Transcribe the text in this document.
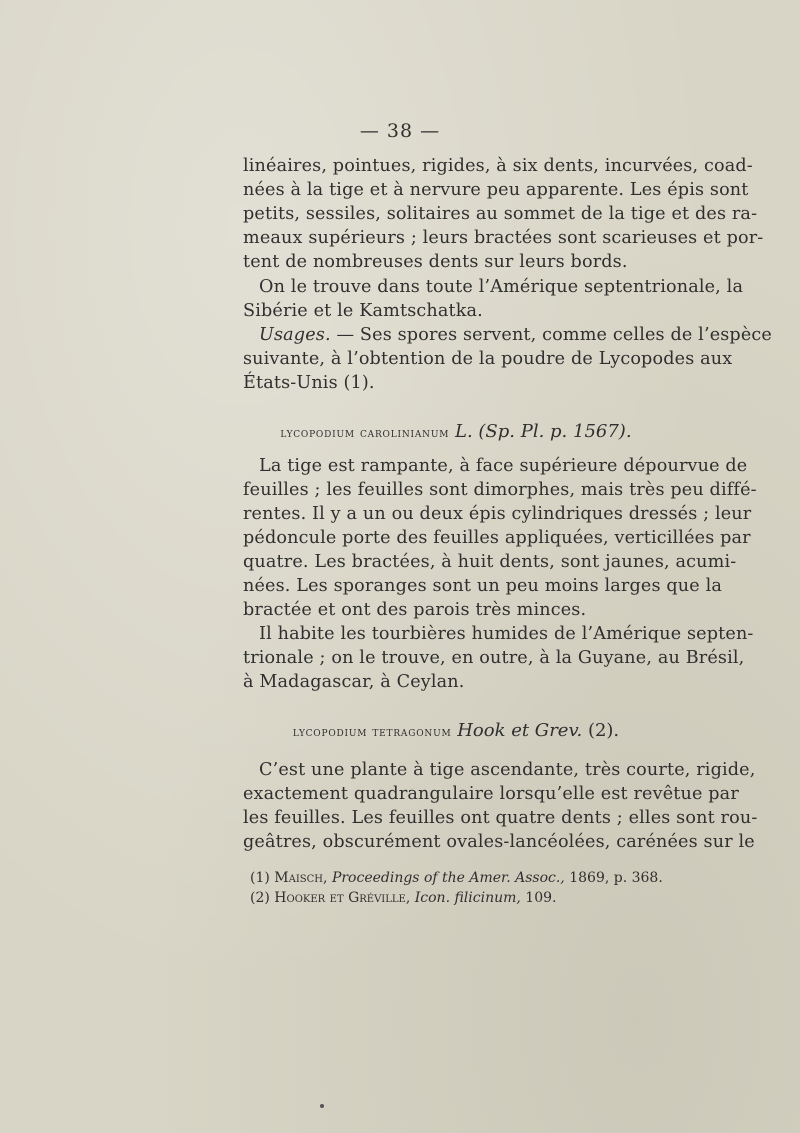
— 38 —
linéaires, pointues, rigides, à six dents, incurvées, coad-
nées à la tige et à nervure peu apparente. Les épis sont
petits, sessiles, solitaires au sommet de la tige et des ra-
meaux supérieurs ; leurs bractées sont scarieuses et por-
tent de nombreuses dents sur leurs bords.
On le trouve dans toute l’Amérique septentrionale, la
Sibérie et le Kamtschatka.
Usages. — Ses spores servent, comme celles de l’espèce
suivante, à l’obtention de la poudre de Lycopodes aux
États-Unis (1).
lycopodium carolinianum L. (Sp. Pl. p. 1567).
La tige est rampante, à face supérieure dépourvue de
feuilles ; les feuilles sont dimorphes, mais très peu diffé-
rentes. Il y a un ou deux épis cylindriques dressés ; leur
pédoncule porte des feuilles appliquées, verticillées par
quatre. Les bractées, à huit dents, sont jaunes, acumi-
nées. Les sporanges sont un peu moins larges que la
bractée et ont des parois très minces.
Il habite les tourbières humides de l’Amérique septen-
trionale ; on le trouve, en outre, à la Guyane, au Brésil,
à Madagascar, à Ceylan.
lycopodium tetragonum Hook et Grev. (2).
C’est une plante à tige ascendante, très courte, rigide,
exactement quadrangulaire lorsqu’elle est revêtue par
les feuilles. Les feuilles ont quatre dents ; elles sont rou-
geâtres, obscurément ovales-lancéolées, carénées sur le
(1) Maisch, Proceedings of the Amer. Assoc., 1869, p. 368.
(2) Hooker et Gréville, Icon. filicinum, 109.
